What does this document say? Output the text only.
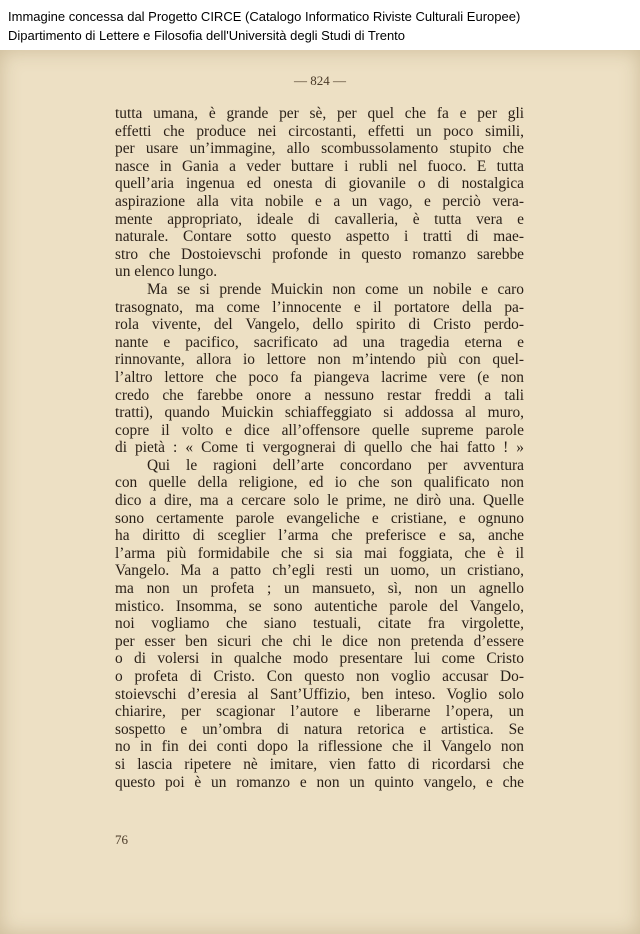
Immagine concessa dal Progetto CIRCE (Catalogo Informatico Riviste Culturali Europee)
Dipartimento di Lettere e Filosofia dell'Università degli Studi di Trento
— 824 —
tutta umana, è grande per sè, per quel che fa e per gli
effetti che produce nei circostanti, effetti un poco simili,
per usare un’immagine, allo scombussolamento stupito che
nasce in Gania a veder buttare i rubli nel fuoco. E tutta
quell’aria ingenua ed onesta di giovanile o di nostalgica
aspirazione alla vita nobile e a un vago, e perciò vera-
mente appropriato, ideale di cavalleria, è tutta vera e
naturale. Contare sotto questo aspetto i tratti di mae-
stro che Dostoievschi profonde in questo romanzo sarebbe
un elenco lungo.
Ma se si prende Muickin non come un nobile e caro
trasognato, ma come l’innocente e il portatore della pa-
rola vivente, del Vangelo, dello spirito di Cristo perdo-
nante e pacifico, sacrificato ad una tragedia eterna e
rinnovante, allora io lettore non m’intendo più con quel-
l’altro lettore che poco fa piangeva lacrime vere (e non
credo che farebbe onore a nessuno restar freddi a tali
tratti), quando Muickin schiaffeggiato si addossa al muro,
copre il volto e dice all’offensore quelle supreme parole
di pietà : « Come ti vergognerai di quello che hai fatto ! »
Qui le ragioni dell’arte concordano per avventura
con quelle della religione, ed io che son qualificato non
dico a dire, ma a cercare solo le prime, ne dirò una. Quelle
sono certamente parole evangeliche e cristiane, e ognuno
ha diritto di sceglier l’arma che preferisce e sa, anche
l’arma più formidabile che si sia mai foggiata, che è il
Vangelo. Ma a patto ch’egli resti un uomo, un cristiano,
ma non un profeta ; un mansueto, sì, non un agnello
mistico. Insomma, se sono autentiche parole del Vangelo,
noi vogliamo che siano testuali, citate fra virgolette,
per esser ben sicuri che chi le dice non pretenda d’essere
o di volersi in qualche modo presentare lui come Cristo
o profeta di Cristo. Con questo non voglio accusar Do-
stoievschi d’eresia al Sant’Uffizio, ben inteso. Voglio solo
chiarire, per scagionar l’autore e liberarne l’opera, un
sospetto e un’ombra di natura retorica e artistica. Se
no in fin dei conti dopo la riflessione che il Vangelo non
si lascia ripetere nè imitare, vien fatto di ricordarsi che
questo poi è un romanzo e non un quinto vangelo, e che
76
